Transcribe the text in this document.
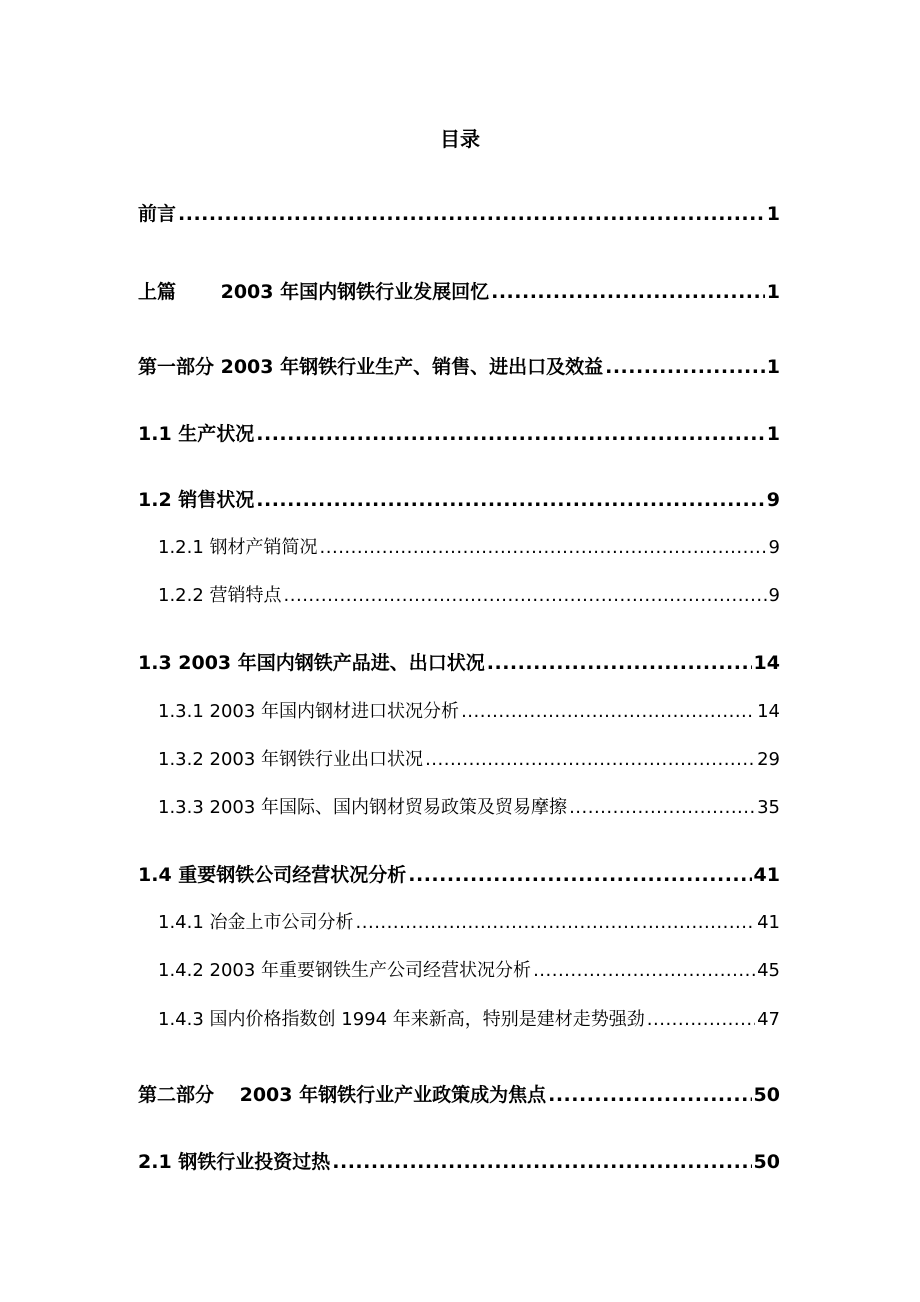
目录
前言 .....	1
上篇　　 2003 年国内钢铁行业发展回忆 .....	1
第一部分 2003 年钢铁行业生产、销售、进出口及效益 .....	1
1.1 生产状况 .....	1
1.2 销售状况 .....	9
1.2.1 钢材产销简况 .....	9
1.2.2 营销特点 .....	9
1.3 2003 年国内钢铁产品进、出口状况 .....	14
1.3.1 2003 年国内钢材进口状况分析 .....	14
1.3.2 2003 年钢铁行业出口状况 .....	29
1.3.3 2003 年国际、国内钢材贸易政策及贸易摩擦 .....	35
1.4 重要钢铁公司经营状况分析 .....	41
1.4.1 冶金上市公司分析 .....	41
1.4.2 2003 年重要钢铁生产公司经营状况分析 .....	45
1.4.3 国内价格指数创 1994 年来新高，特别是建材走势强劲 .....	47
第二部分　 2003 年钢铁行业产业政策成为焦点 .....	50
2.1 钢铁行业投资过热 .....	50
